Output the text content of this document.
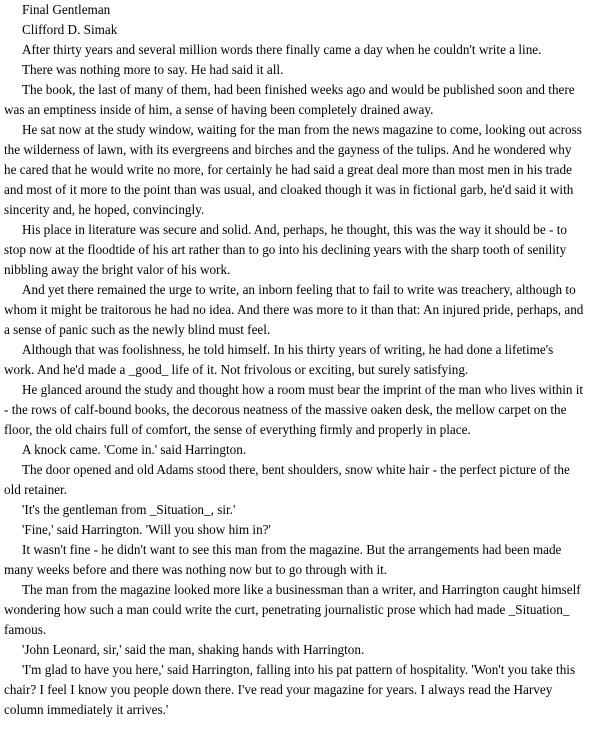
Final Gentleman

Clifford D. Simak

After thirty years and several million words there finally came a day when he couldn't write a line.

There was nothing more to say. He had said it all.

The book, the last of many of them, had been finished weeks ago and would be published soon and there was an emptiness inside of him, a sense of having been completely drained away.

He sat now at the study window, waiting for the man from the news magazine to come, looking out across the wilderness of lawn, with its evergreens and birches and the gayness of the tulips. And he wondered why he cared that he would write no more, for certainly he had said a great deal more than most men in his trade and most of it more to the point than was usual, and cloaked though it was in fictional garb, he'd said it with sincerity and, he hoped, convincingly.

His place in literature was secure and solid. And, perhaps, he thought, this was the way it should be - to stop now at the floodtide of his art rather than to go into his declining years with the sharp tooth of senility nibbling away the bright valor of his work.

And yet there remained the urge to write, an inborn feeling that to fail to write was treachery, although to whom it might be traitorous he had no idea. And there was more to it than that: An injured pride, perhaps, and a sense of panic such as the newly blind must feel.

Although that was foolishness, he told himself. In his thirty years of writing, he had done a lifetime's work. And he'd made a _good_ life of it. Not frivolous or exciting, but surely satisfying.

He glanced around the study and thought how a room must bear the imprint of the man who lives within it - the rows of calf-bound books, the decorous neatness of the massive oaken desk, the mellow carpet on the floor, the old chairs full of comfort, the sense of everything firmly and properly in place.

A knock came. 'Come in.' said Harrington.

The door opened and old Adams stood there, bent shoulders, snow white hair - the perfect picture of the old retainer.

'It's the gentleman from _Situation_, sir.'

'Fine,' said Harrington. 'Will you show him in?'

It wasn't fine - he didn't want to see this man from the magazine. But the arrangements had been made many weeks before and there was nothing now but to go through with it.

The man from the magazine looked more like a businessman than a writer, and Harrington caught himself wondering how such a man could write the curt, penetrating journalistic prose which had made _Situation_ famous.

'John Leonard, sir,' said the man, shaking hands with Harrington.

'I'm glad to have you here,' said Harrington, falling into his pat pattern of hospitality. 'Won't you take this chair? I feel I know you people down there. I've read your magazine for years. I always read the Harvey column immediately it arrives.'
